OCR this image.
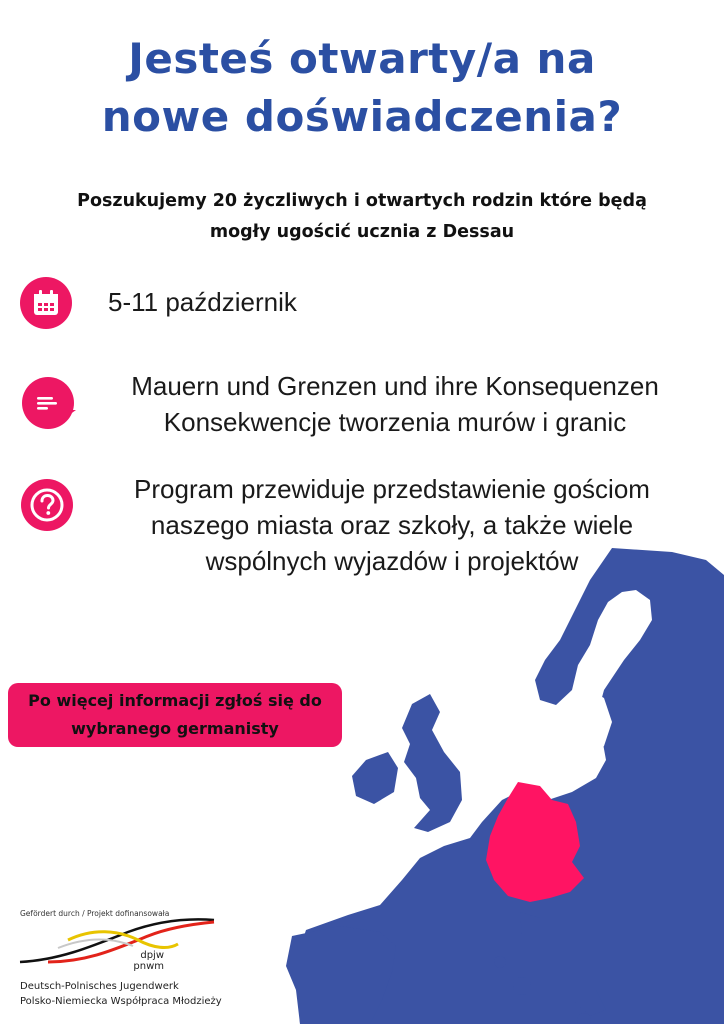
Jesteś otwarty/a na
nowe doświadczenia?
Poszukujemy 20 życzliwych i otwartych rodzin które będą
mogły ugościć ucznia z Dessau
5-11 październik
Mauern und Grenzen und ihre Konsequenzen
Konsekwencje tworzenia murów i granic
Program przewiduje przedstawienie gościom
naszego miasta oraz szkoły, a także wiele
wspólnych wyjazdów i projektów
Po więcej informacji zgłoś się do
wybranego germanisty
Gefördert durch / Projekt dofinansowała
dpjw
pnwm
Deutsch-Polnisches Jugendwerk
Polsko-Niemiecka Współpraca Młodzieży
